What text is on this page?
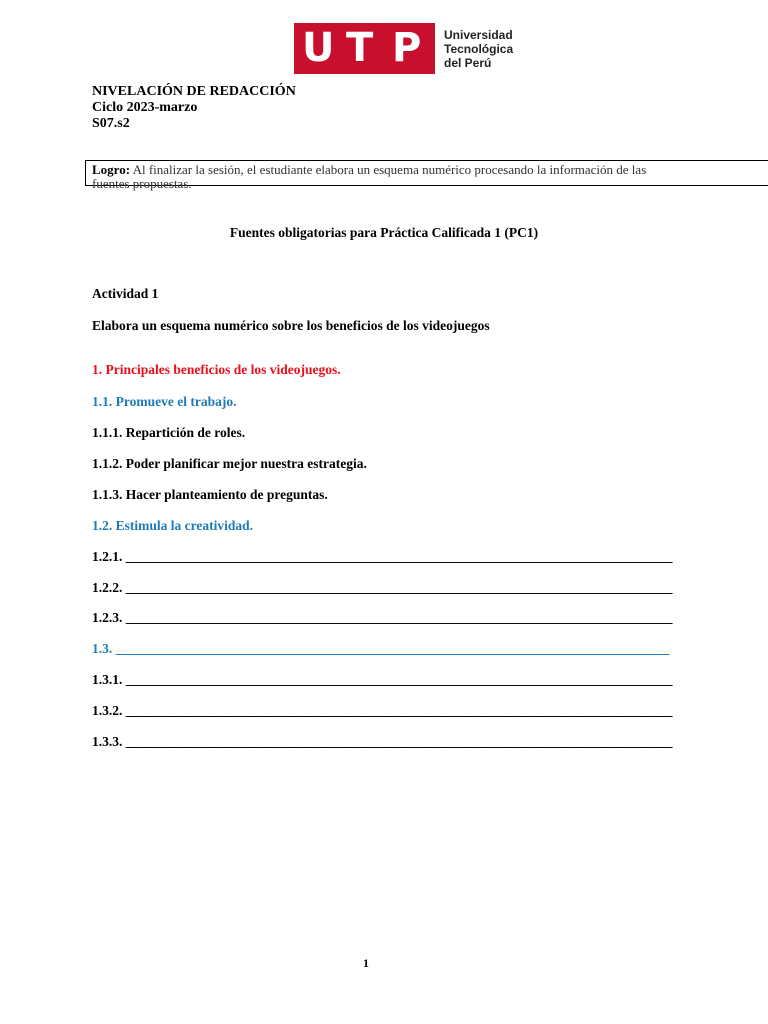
U T P Universidad
Tecnológica
del Perú
NIVELACIÓN DE REDACCIÓN
Ciclo 2023-marzo
S07.s2
Logro: Al finalizar la sesión, el estudiante elabora un esquema numérico procesando la información de las fuentes propuestas.
Fuentes obligatorias para Práctica Calificada 1 (PC1)
Actividad 1
Elabora un esquema numérico sobre los beneficios de los videojuegos
1. Principales beneficios de los videojuegos.
1.1. Promueve el trabajo.
1.1.1. Repartición de roles.
1.1.2. Poder planificar mejor nuestra estrategia.
1.1.3. Hacer planteamiento de preguntas.
1.2. Estimula la creatividad.
1.2.1. _________________________________________________________________________________
1.2.2. _________________________________________________________________________________
1.2.3. _________________________________________________________________________________
1.3. __________________________________________________________________________________
1.3.1. _________________________________________________________________________________
1.3.2. _________________________________________________________________________________
1.3.3. _________________________________________________________________________________
1
